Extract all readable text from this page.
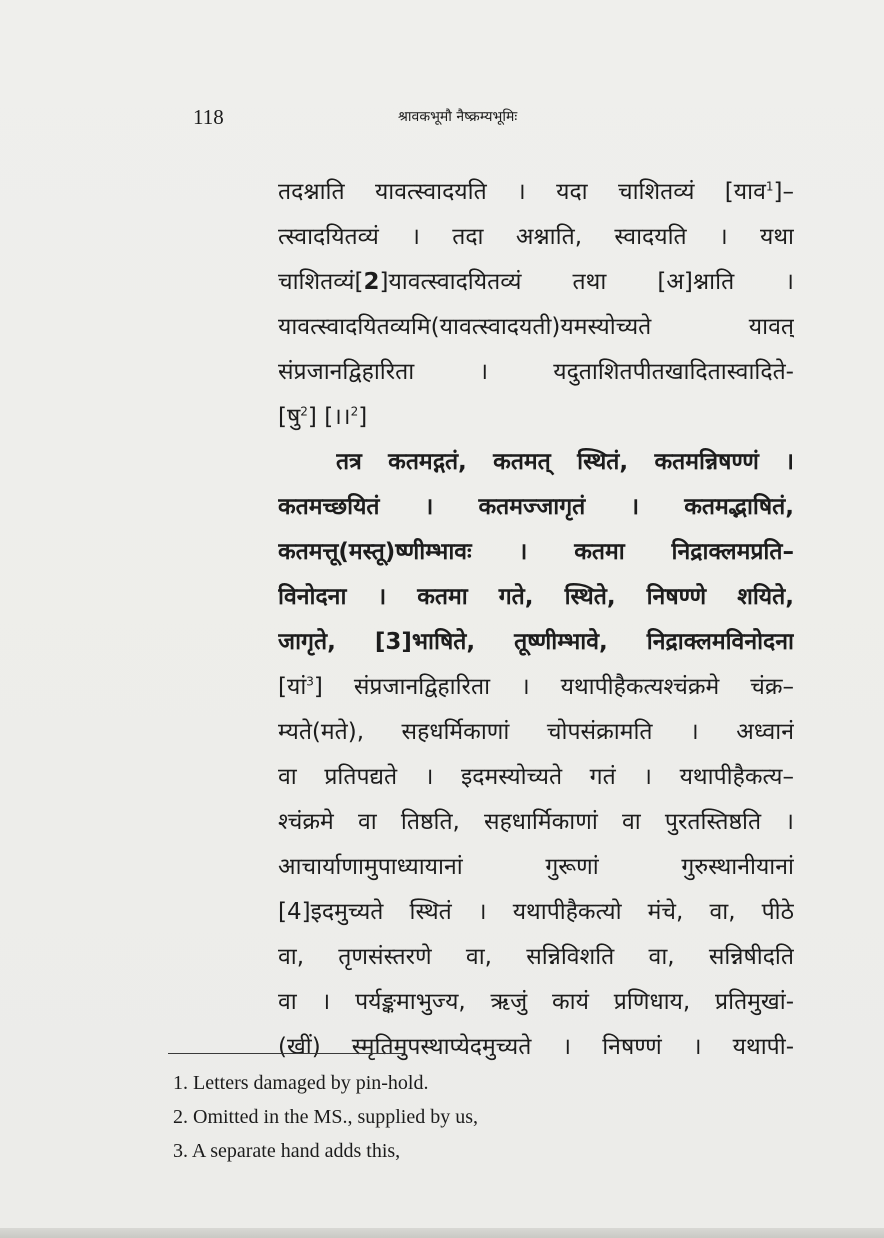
118	श्रावकभूमौ नैष्क्रम्यभूमिः
तदश्नाति यावत्स्वादयति । यदा चाशितव्यं [याव$^1$]–
त्स्वादयितव्यं । तदा अश्नाति, स्वादयति । यथा
चाशितव्यं[2]यावत्स्वादयितव्यं तथा [अ]श्नाति ।
यावत्स्वादयितव्यमि(यावत्स्वादयती)यमस्योच्यते यावत्
संप्रजानद्विहारिता । यदुताशितपीतखादितास्वादिते-
[षु$^2$] [।।$^2$]
तत्र कतमद्गतं, कतमत् स्थितं, कतमन्निषण्णं ।
कतमच्छयितं । कतमज्जागृतं । कतमद्भाषितं,
कतमत्तू(मस्तू)ष्णीम्भावः । कतमा निद्राक्लमप्रति–
विनोदना । कतमा गते, स्थिते, निषण्णे शयिते,
जागृते, [3]भाषिते, तूष्णीम्भावे, निद्राक्लमविनोदना
[यां$^3$] संप्रजानद्विहारिता । यथापीहैकत्यश्चंक्रमे चंक्र–
म्यते(मते), सहधर्मिकाणां चोपसंक्रामति । अध्वानं
वा प्रतिपद्यते । इदमस्योच्यते गतं । यथापीहैकत्य–
श्चंक्रमे वा तिष्ठति, सहधार्मिकाणां वा पुरतस्तिष्ठति ।
आचार्याणामुपाध्यायानां गुरूणां गुरुस्थानीयानां
[4]इदमुच्यते स्थितं । यथापीहैकत्यो मंचे, वा, पीठे
वा, तृणसंस्तरणे वा, सन्निविशति वा, सन्निषीदति
वा । पर्यङ्कमाभुज्य, ऋजुं कायं प्रणिधाय, प्रतिमुखां-
(खीं) स्मृतिमुपस्थाप्येदमुच्यते । निषण्णं । यथापी-
1. Letters damaged by pin-hold.
2. Omitted in the MS., supplied by us,
3. A separate hand adds this,
